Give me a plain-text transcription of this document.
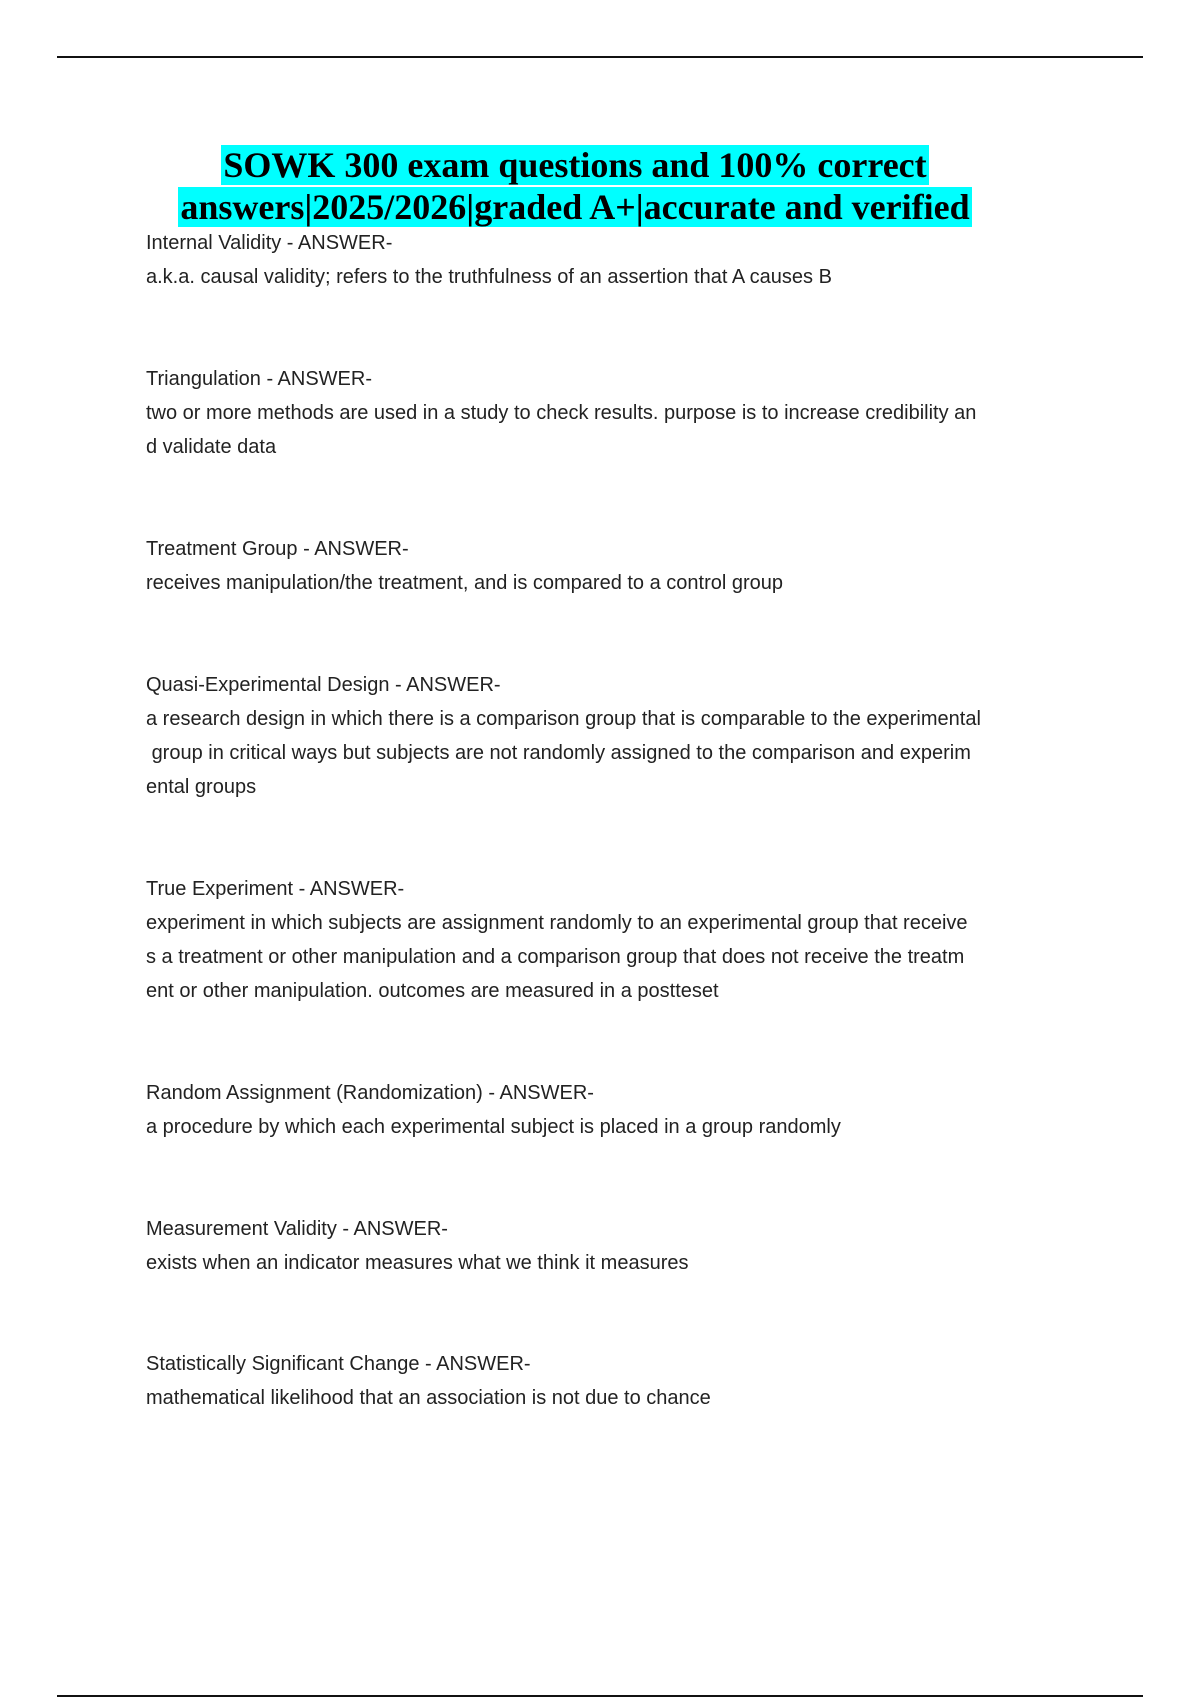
SOWK 300 exam questions and 100% correct
answers|2025/2026|graded A+|accurate and verified
Internal Validity - ANSWER-
a.k.a. causal validity; refers to the truthfulness of an assertion that A causes B
Triangulation - ANSWER-
two or more methods are used in a study to check results. purpose is to increase credibility an
d validate data
Treatment Group - ANSWER-
receives manipulation/the treatment, and is compared to a control group
Quasi-Experimental Design - ANSWER-
a research design in which there is a comparison group that is comparable to the experimental
group in critical ways but subjects are not randomly assigned to the comparison and experim
ental groups
True Experiment - ANSWER-
experiment in which subjects are assignment randomly to an experimental group that receive
s a treatment or other manipulation and a comparison group that does not receive the treatm
ent or other manipulation. outcomes are measured in a postteset
Random Assignment (Randomization) - ANSWER-
a procedure by which each experimental subject is placed in a group randomly
Measurement Validity - ANSWER-
exists when an indicator measures what we think it measures
Statistically Significant Change - ANSWER-
mathematical likelihood that an association is not due to chance
